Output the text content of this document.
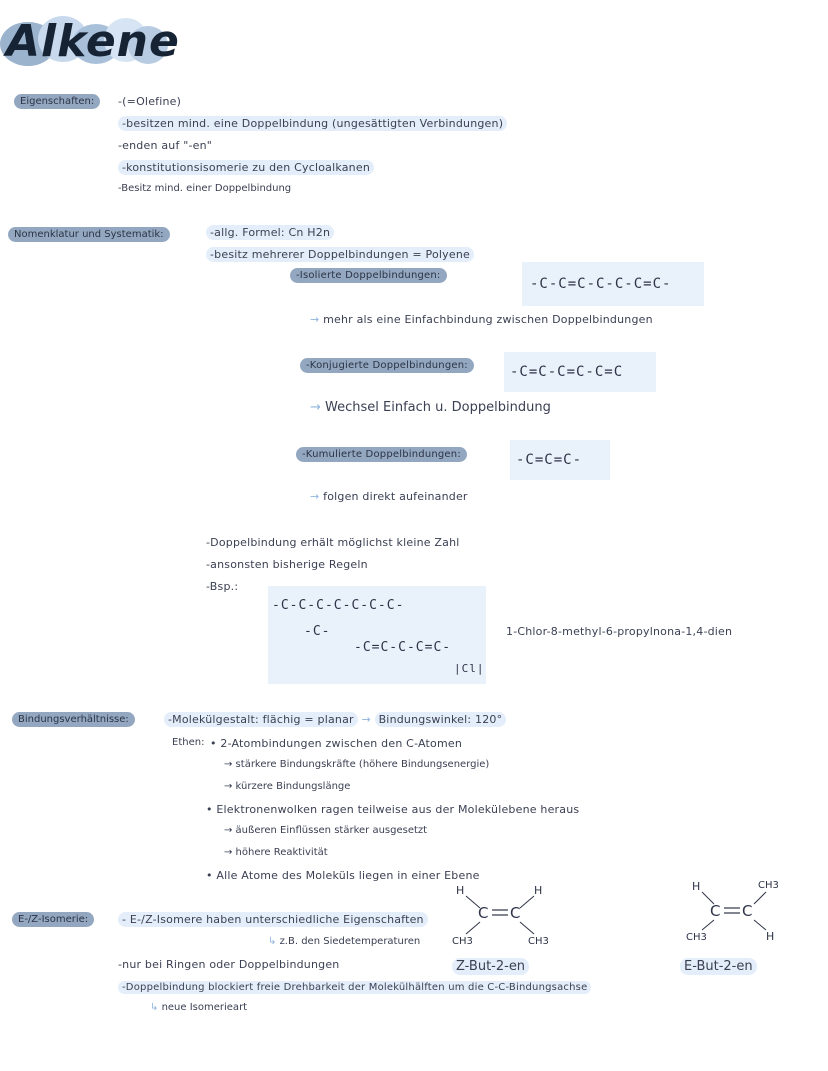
Alkene
Eigenschaften:	-(=Olefine)
-besitzen mind. eine Doppelbindung (ungesättigten Verbindungen)
-enden auf "-en"
-konstitutionsisomerie zu den Cycloalkanen
-Besitz mind. einer Doppelbindung
Nomenklatur und Systematik:	-allg. Formel: Cn H2n
-besitz mehrerer Doppelbindungen = Polyene
-Isolierte Doppelbindungen:
-C-C=C-C-C-C=C-
→ mehr als eine Einfachbindung zwischen Doppelbindungen
-Konjugierte Doppelbindungen:	-C=C-C=C-C=C
→ Wechsel Einfach u. Doppelbindung
-Kumulierte Doppelbindungen:	-C=C=C-
→ folgen direkt aufeinander
-Doppelbindung erhält möglichst kleine Zahl
-ansonsten bisherige Regeln
-Bsp.:
-C-C-C-C-C-C-C-
-C-
-C=C-C-C=C-
|Cl|
1-Chlor-8-methyl-6-propylnona-1,4-dien
Bindungsverhältnisse:	-Molekülgestalt: flächig = planar → Bindungswinkel: 120°
Ethen: • 2-Atombindungen zwischen den C-Atomen
→ stärkere Bindungskräfte (höhere Bindungsenergie)
→ kürzere Bindungslänge
• Elektronenwolken ragen teilweise aus der Molekülebene heraus
→ äußeren Einflüssen stärker ausgesetzt
→ höhere Reaktivität
• Alle Atome des Moleküls liegen in einer Ebene
E-/Z-Isomerie:	- E-/Z-Isomere haben unterschiedliche Eigenschaften
↳ z.B. den Siedetemperaturen
-nur bei Ringen oder Doppelbindungen
-Doppelbindung blockiert freie Drehbarkeit der Molekülhälften um die C-C-Bindungsachse
↳ neue Isomerieart
H	H
C C
CH3	CH3
Z-But-2-en
H	CH3
C C
CH3	H
E-But-2-en
